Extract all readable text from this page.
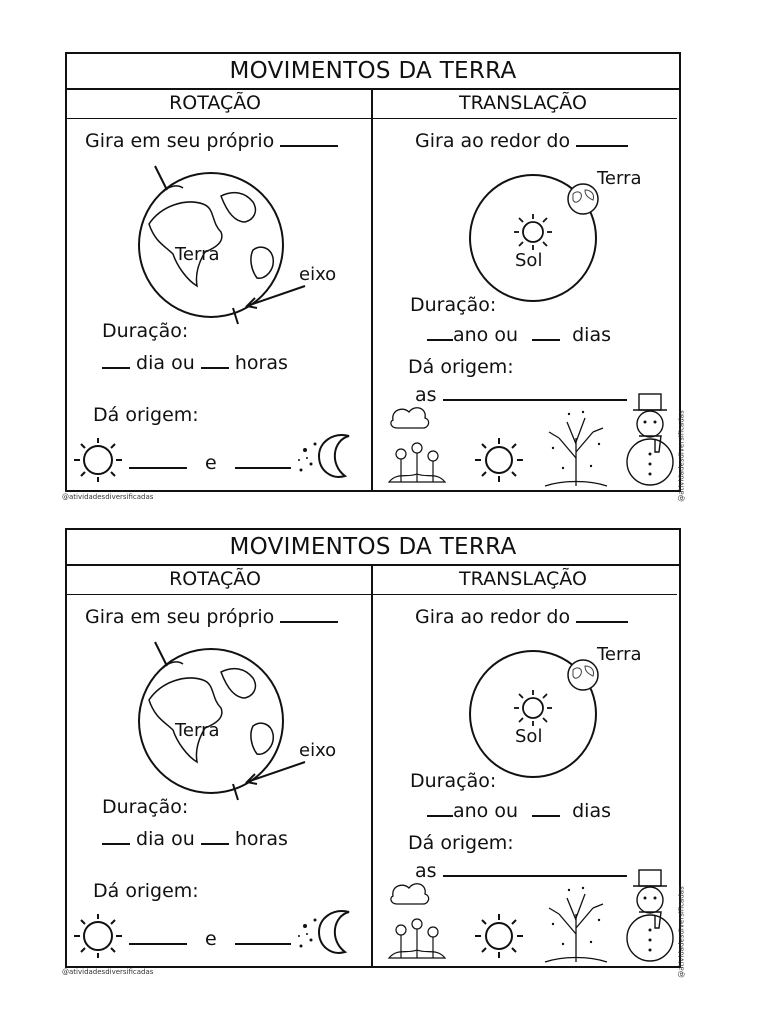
MOVIMENTOS DA TERRA
ROTAÇÃO	TRANSLAÇÃO
Gira em seu próprio
Terra
eixo
Duração:
dia ou horas
Dá origem:
e
Gira ao redor do
Terra
Sol
Duração:
ano ou	dias
Dá origem:
as
@atividadesdiversificadas
@atividadesdiversificadas
MOVIMENTOS DA TERRA
ROTAÇÃO	TRANSLAÇÃO
Gira em seu próprio
Terra
eixo
Duração:
dia ou horas
Dá origem:
e
Gira ao redor do
Terra
Sol
Duração:
ano ou	dias
Dá origem:
as
@atividadesdiversificadas
@atividadesdiversificadas
